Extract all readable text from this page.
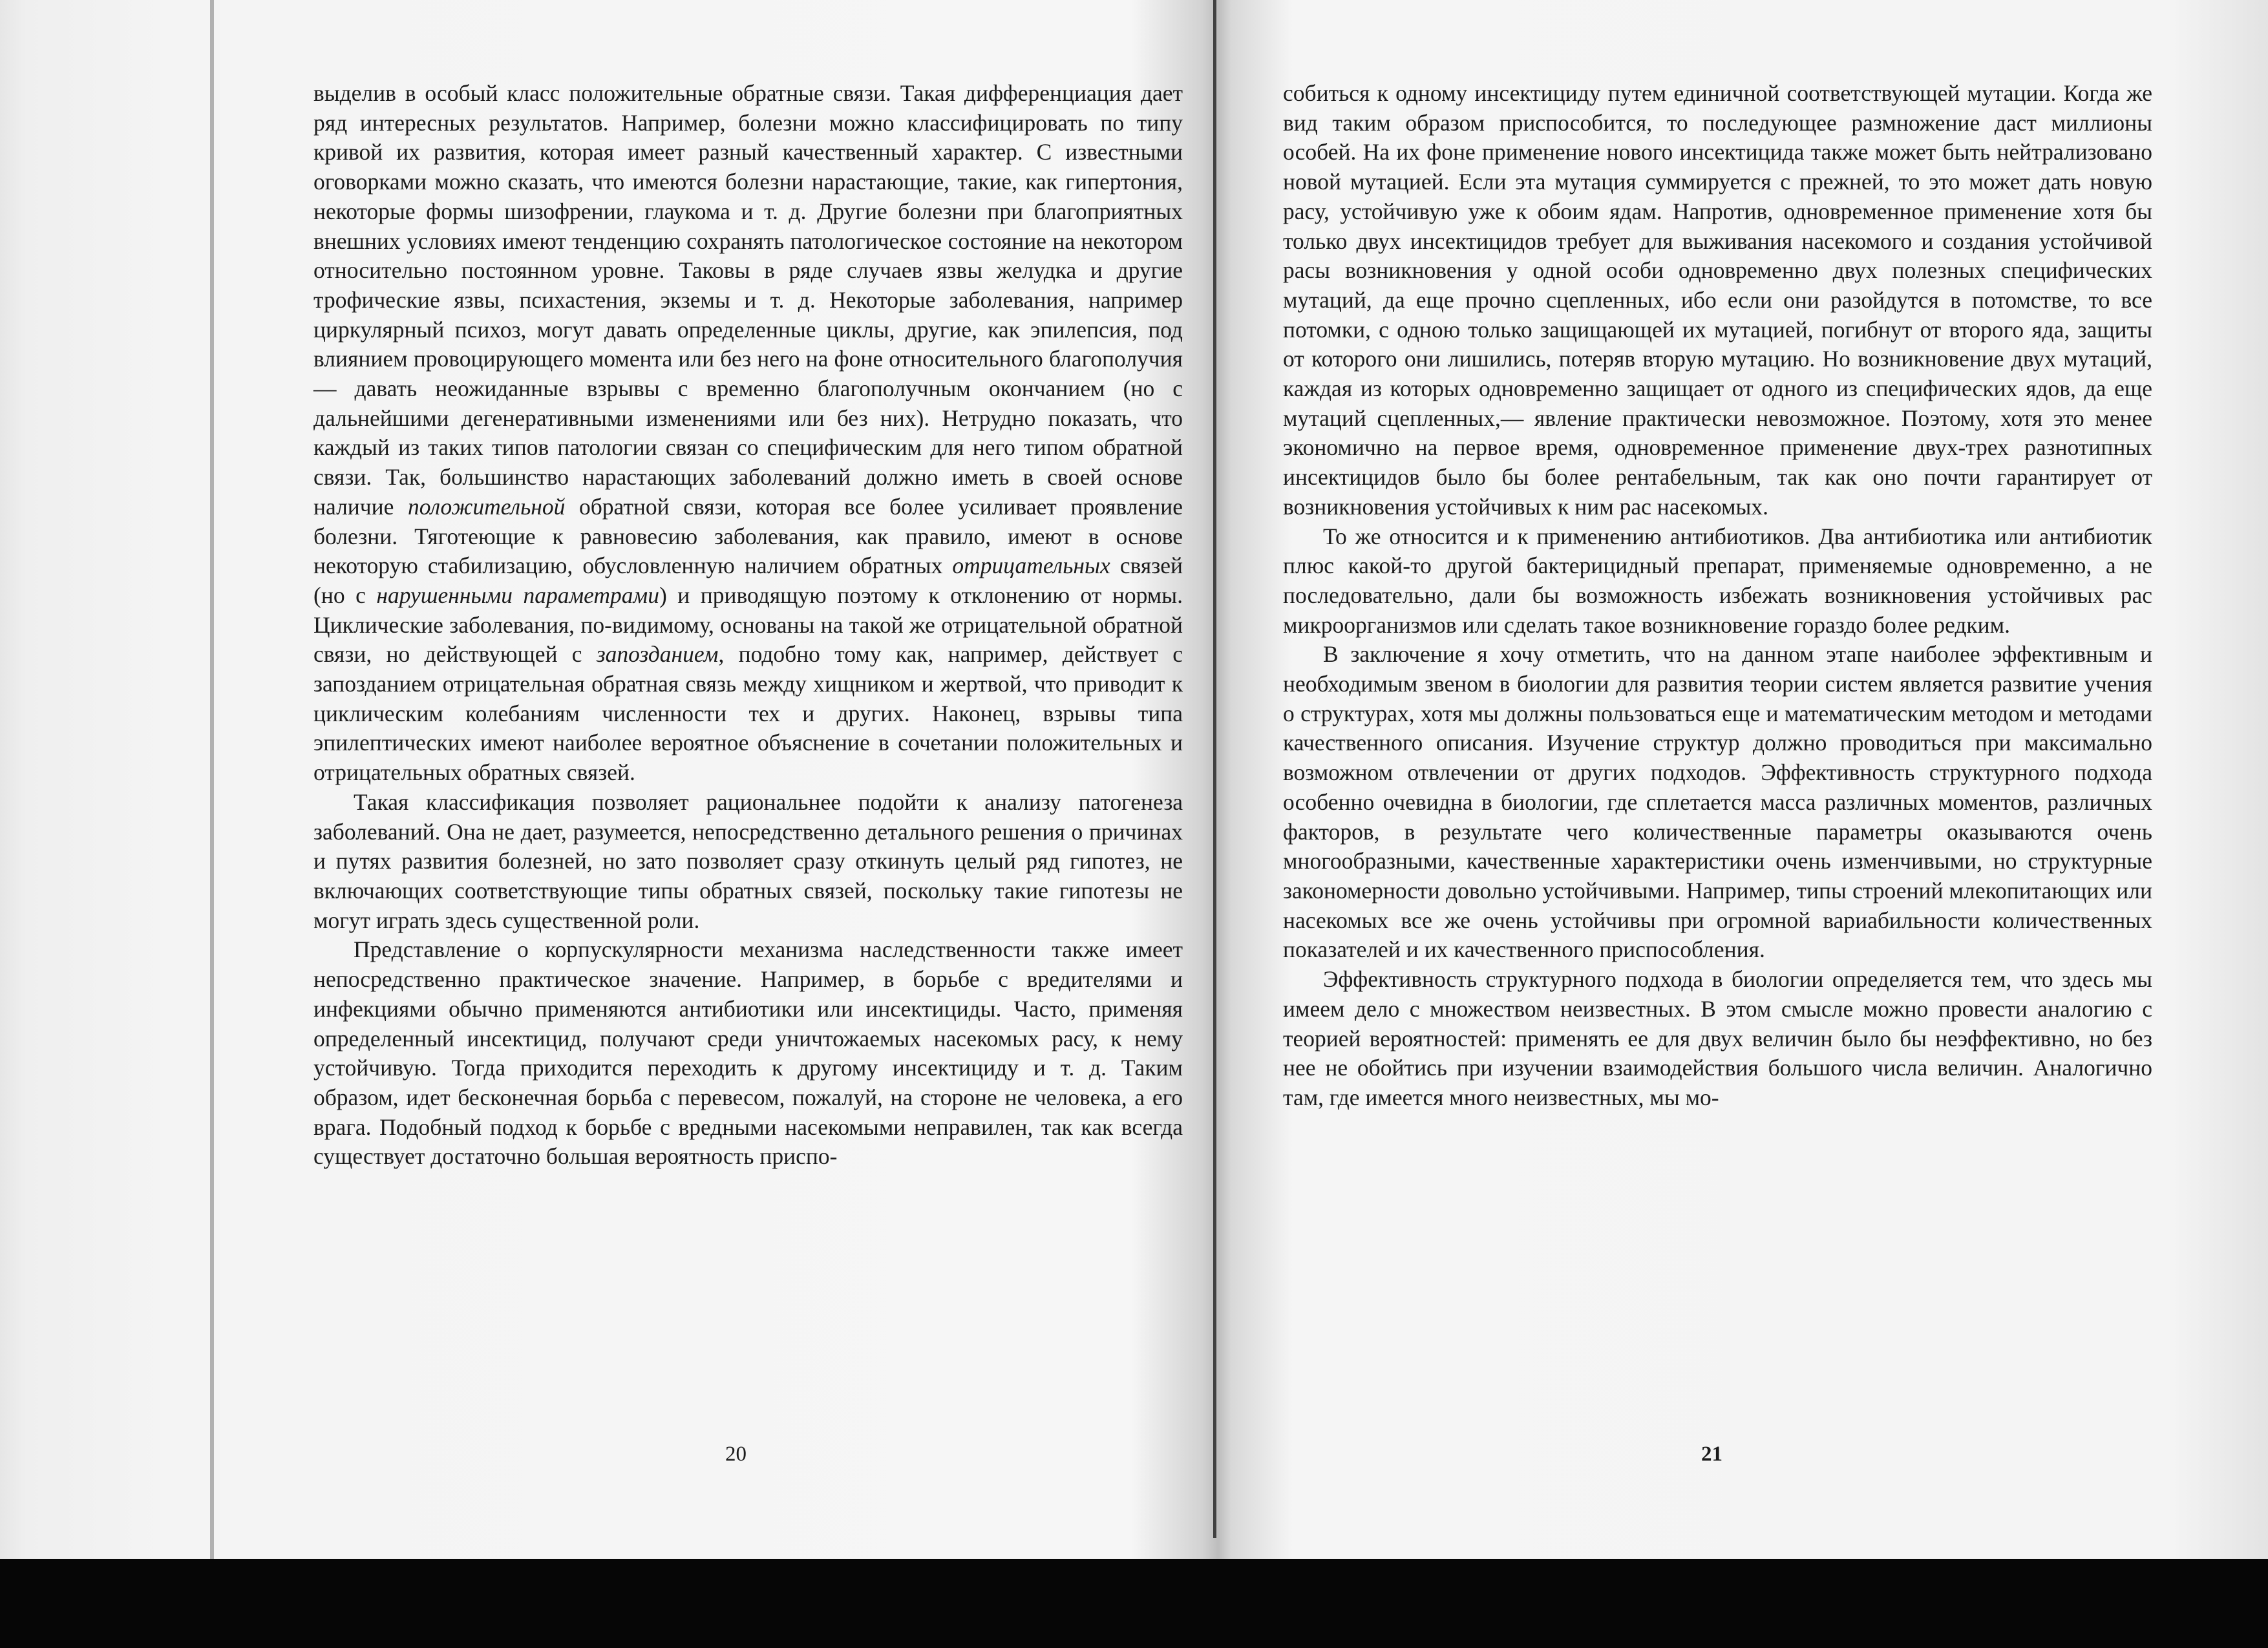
выделив в особый класс положительные обратные связи. Такая дифференциация дает ряд интересных результатов. Например, болезни можно классифицировать по типу кривой их развития, которая имеет разный качественный характер. С известными оговорками можно сказать, что имеются болезни нарастающие, такие, как гипертония, некоторые формы шизофрении, глаукома и т. д. Другие болезни при благоприятных внешних условиях имеют тенденцию сохранять патологическое состояние на некотором относительно постоянном уровне. Таковы в ряде случаев язвы желудка и другие трофические язвы, психастения, экземы и т. д. Некоторые заболевания, например циркулярный психоз, могут давать определенные циклы, другие, как эпилепсия, под влиянием провоцирующего момента или без него на фоне относительного благополучия — давать неожиданные взрывы с временно благополучным окончанием (но с дальнейшими дегенеративными изменениями или без них). Нетрудно показать, что каждый из таких типов патологии связан со специфическим для него типом обратной связи. Так, большинство нарастающих заболеваний должно иметь в своей основе наличие положительной обратной связи, которая все более усиливает проявление болезни. Тяготеющие к равновесию заболевания, как правило, имеют в основе некоторую стабилизацию, обусловленную наличием обратных отрицательных связей (но с нарушенными параметрами) и приводящую поэтому к отклонению от нормы. Циклические заболевания, по-видимому, основаны на такой же отрицательной обратной связи, но действующей с запозданием, подобно тому как, например, действует с запозданием отрицательная обратная связь между хищником и жертвой, что приводит к циклическим колебаниям численности тех и других. Наконец, взрывы типа эпилептических имеют наиболее вероятное объяснение в сочетании положительных и отрицательных обратных связей.

Такая классификация позволяет рациональнее подойти к анализу патогенеза заболеваний. Она не дает, разумеется, непосредственно детального решения о причинах и путях развития болезней, но зато позволяет сразу откинуть целый ряд гипотез, не включающих соответствующие типы обратных связей, поскольку такие гипотезы не могут играть здесь существенной роли.

Представление о корпускулярности механизма наследственности также имеет непосредственно практическое значение. Например, в борьбе с вредителями и инфекциями обычно применяются антибиотики или инсектициды. Часто, применяя определенный инсектицид, получают среди уничтожаемых насекомых расу, к нему устойчивую. Тогда приходится переходить к другому инсектициду и т. д. Таким образом, идет бесконечная борьба с перевесом, пожалуй, на стороне не человека, а его врага. Подобный подход к борьбе с вредными насекомыми неправилен, так как всегда существует достаточно большая вероятность приспо-

20

собиться к одному инсектициду путем единичной соответствующей мутации. Когда же вид таким образом приспособится, то последующее размножение даст миллионы особей. На их фоне применение нового инсектицида также может быть нейтрализовано новой мутацией. Если эта мутация суммируется с прежней, то это может дать новую расу, устойчивую уже к обоим ядам. Напротив, одновременное применение хотя бы только двух инсектицидов требует для выживания насекомого и создания устойчивой расы возникновения у одной особи одновременно двух полезных специфических мутаций, да еще прочно сцепленных, ибо если они разойдутся в потомстве, то все потомки, с одною только защищающей их мутацией, погибнут от второго яда, защиты от которого они лишились, потеряв вторую мутацию. Но возникновение двух мутаций, каждая из которых одновременно защищает от одного из специфических ядов, да еще мутаций сцепленных,— явление практически невозможное. Поэтому, хотя это менее экономично на первое время, одновременное применение двух-трех разнотипных инсектицидов было бы более рентабельным, так как оно почти гарантирует от возникновения устойчивых к ним рас насекомых.

То же относится и к применению антибиотиков. Два антибиотика или антибиотик плюс какой-то другой бактерицидный препарат, применяемые одновременно, а не последовательно, дали бы возможность избежать возникновения устойчивых рас микроорганизмов или сделать такое возникновение гораздо более редким.

В заключение я хочу отметить, что на данном этапе наиболее эффективным и необходимым звеном в биологии для развития теории систем является развитие учения о структурах, хотя мы должны пользоваться еще и математическим методом и методами качественного описания. Изучение структур должно проводиться при максимально возможном отвлечении от других подходов. Эффективность структурного подхода особенно очевидна в биологии, где сплетается масса различных моментов, различных факторов, в результате чего количественные параметры оказываются очень многообразными, качественные характеристики очень изменчивыми, но структурные закономерности довольно устойчивыми. Например, типы строений млекопитающих или насекомых все же очень устойчивы при огромной вариабильности количественных показателей и их качественного приспособления.

Эффективность структурного подхода в биологии определяется тем, что здесь мы имеем дело с множеством неизвестных. В этом смысле можно провести аналогию с теорией вероятностей: применять ее для двух величин было бы неэффективно, но без нее не обойтись при изучении взаимодействия большого числа величин. Аналогично там, где имеется много неизвестных, мы мо-

21
